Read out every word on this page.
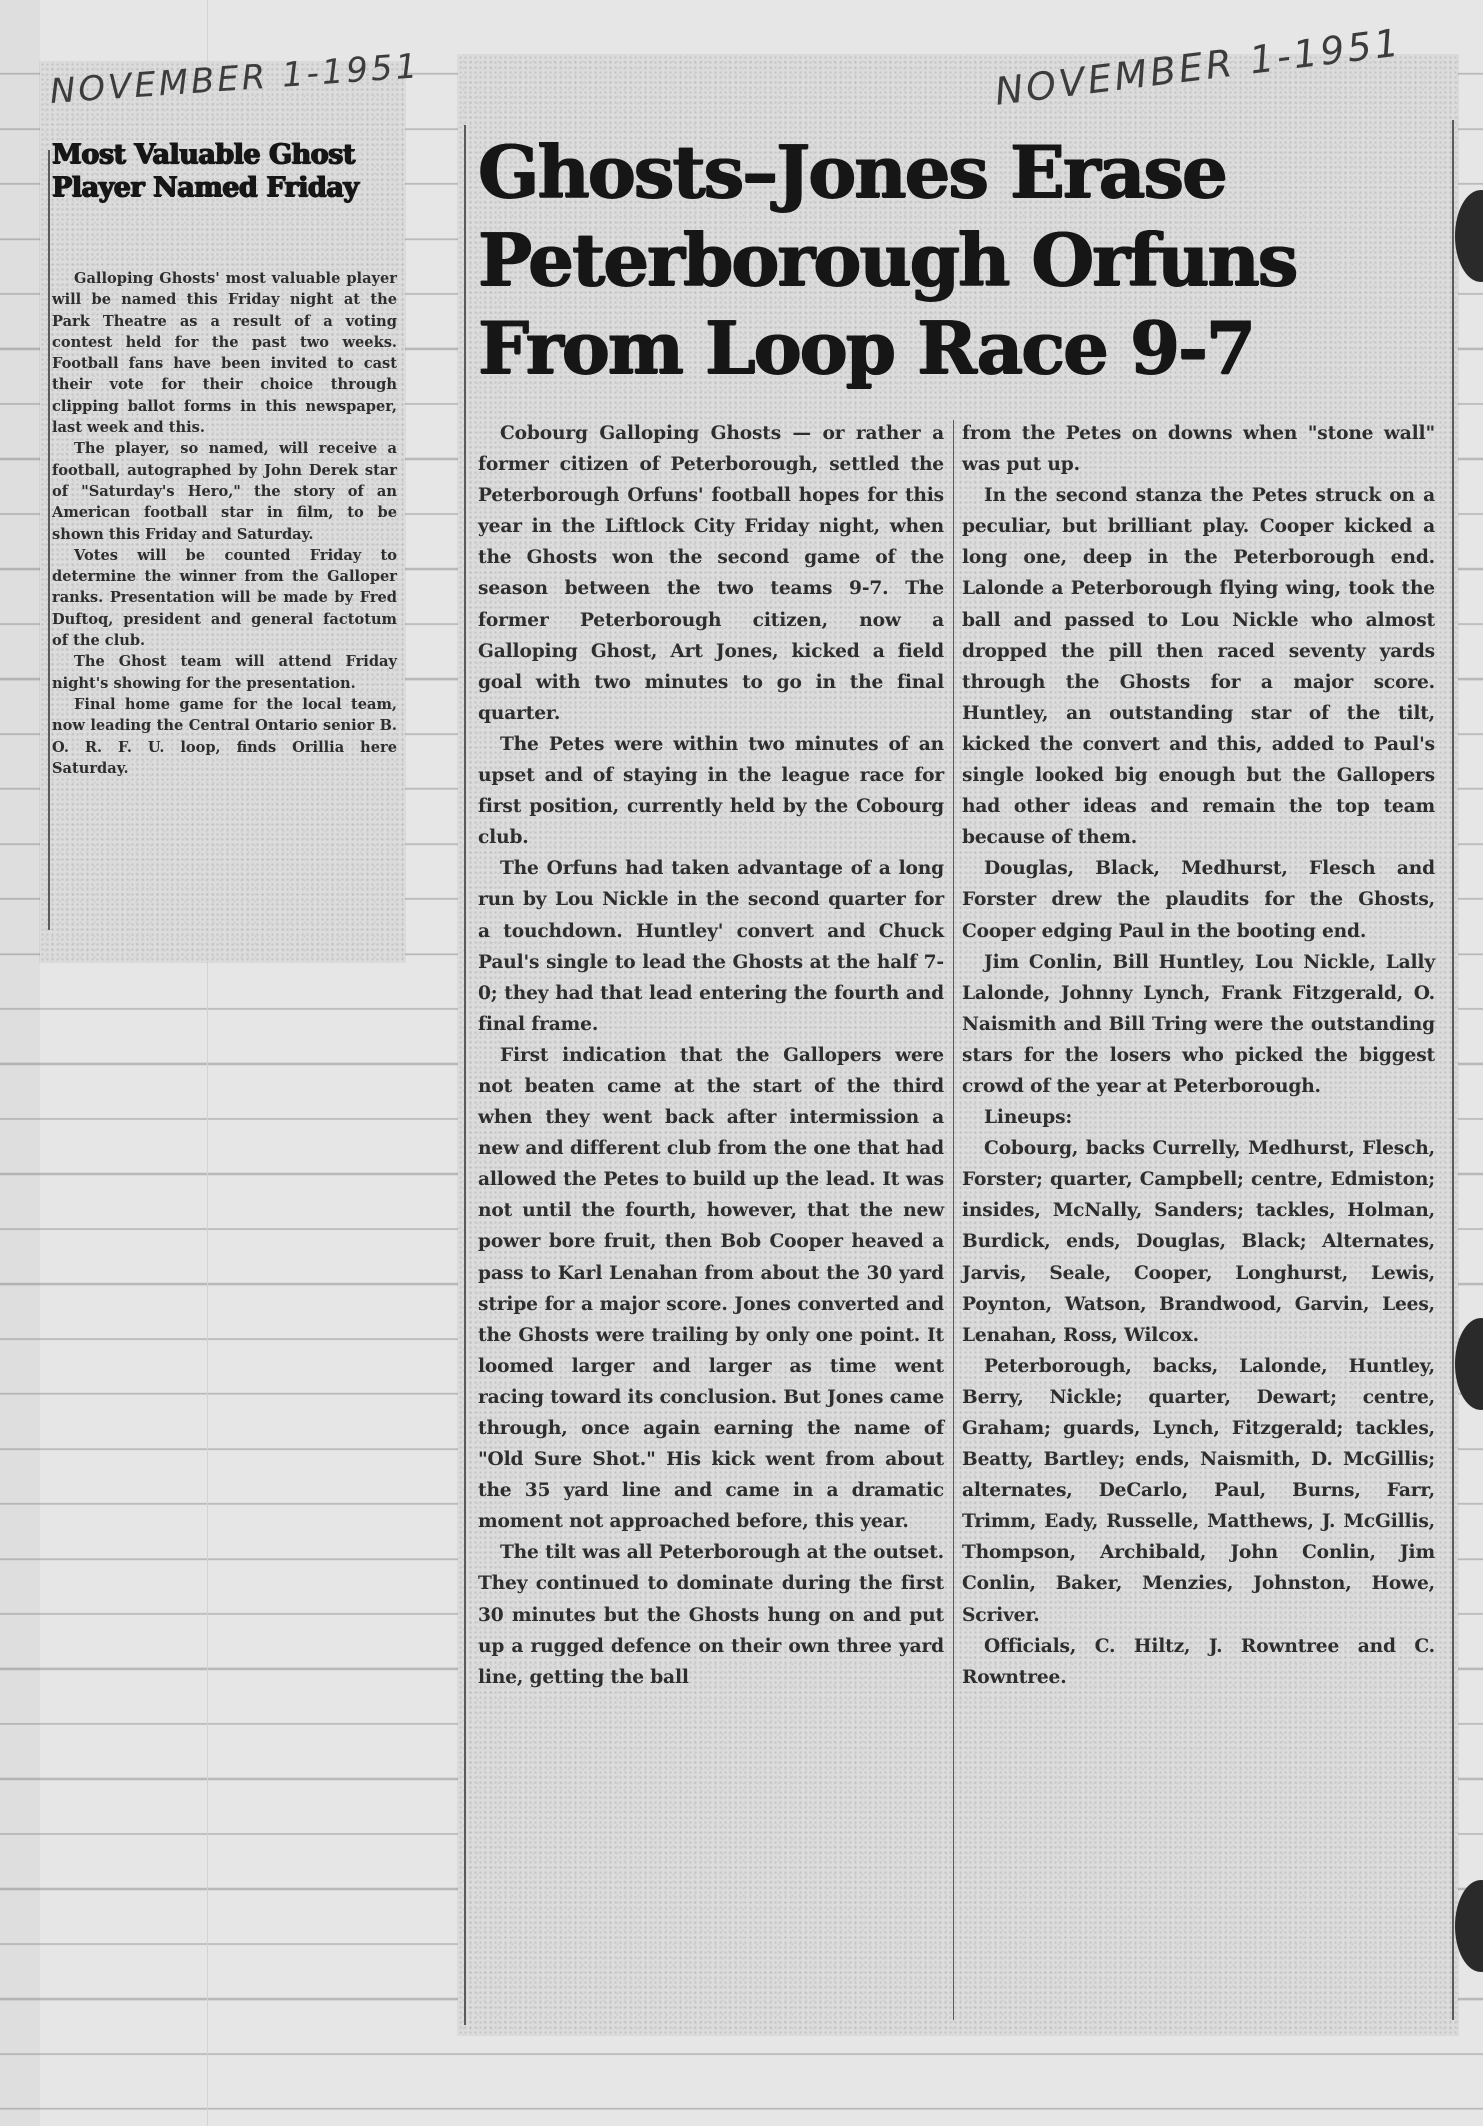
NOVEMBER 1-1951
Most Valuable Ghost Player Named Friday

Galloping Ghosts' most valuable player will be named this Friday night at the Park Theatre as a result of a voting contest held for the past two weeks. Football fans have been invited to cast their vote for their choice through clipping ballot forms in this newspaper, last week and this.

The player, so named, will receive a football, autographed by John Derek star of "Saturday's Hero," the story of an American football star in film, to be shown this Friday and Saturday.

Votes will be counted Friday to determine the winner from the Galloper ranks. Presentation will be made by Fred Duftoq, president and general factotum of the club.

The Ghost team will attend Friday night's showing for the presentation.

Final home game for the local team, now leading the Central Ontario senior B. O. R. F. U. loop, finds Orillia here Saturday.

NOVEMBER 1-1951
Ghosts–Jones Erase Peterborough Orfuns From Loop Race 9-7

Cobourg Galloping Ghosts — or rather a former citizen of Peterborough, settled the Peterborough Orfuns' football hopes for this year in the Liftlock City Friday night, when the Ghosts won the second game of the season between the two teams 9-7. The former Peterborough citizen, now a Galloping Ghost, Art Jones, kicked a field goal with two minutes to go in the final quarter.

The Petes were within two minutes of an upset and of staying in the league race for first position, currently held by the Cobourg club.

The Orfuns had taken advantage of a long run by Lou Nickle in the second quarter for a touchdown. Huntley' convert and Chuck Paul's single to lead the Ghosts at the half 7-0; they had that lead entering the fourth and final frame.

First indication that the Gallopers were not beaten came at the start of the third when they went back after intermission a new and different club from the one that had allowed the Petes to build up the lead. It was not until the fourth, however, that the new power bore fruit, then Bob Cooper heaved a pass to Karl Lenahan from about the 30 yard stripe for a major score. Jones converted and the Ghosts were trailing by only one point. It loomed larger and larger as time went racing toward its conclusion. But Jones came through, once again earning the name of "Old Sure Shot." His kick went from about the 35 yard line and came in a dramatic moment not approached before, this year.

The tilt was all Peterborough at the outset. They continued to dominate during the first 30 minutes but the Ghosts hung on and put up a rugged defence on their own three yard line, getting the ball

from the Petes on downs when "stone wall" was put up.

In the second stanza the Petes struck on a peculiar, but brilliant play. Cooper kicked a long one, deep in the Peterborough end. Lalonde a Peterborough flying wing, took the ball and passed to Lou Nickle who almost dropped the pill then raced seventy yards through the Ghosts for a major score. Huntley, an outstanding star of the tilt, kicked the convert and this, added to Paul's single looked big enough but the Gallopers had other ideas and remain the top team because of them.

Douglas, Black, Medhurst, Flesch and Forster drew the plaudits for the Ghosts, Cooper edging Paul in the booting end.

Jim Conlin, Bill Huntley, Lou Nickle, Lally Lalonde, Johnny Lynch, Frank Fitzgerald, O. Naismith and Bill Tring were the outstanding stars for the losers who picked the biggest crowd of the year at Peterborough.

Lineups:

Cobourg, backs Currelly, Medhurst, Flesch, Forster; quarter, Campbell; centre, Edmiston; insides, McNally, Sanders; tackles, Holman, Burdick, ends, Douglas, Black; Alternates, Jarvis, Seale, Cooper, Longhurst, Lewis, Poynton, Watson, Brandwood, Garvin, Lees, Lenahan, Ross, Wilcox.

Peterborough, backs, Lalonde, Huntley, Berry, Nickle; quarter, Dewart; centre, Graham; guards, Lynch, Fitzgerald; tackles, Beatty, Bartley; ends, Naismith, D. McGillis; alternates, DeCarlo, Paul, Burns, Farr, Trimm, Eady, Russelle, Matthews, J. McGillis, Thompson, Archibald, John Conlin, Jim Conlin, Baker, Menzies, Johnston, Howe, Scriver.

Officials, C. Hiltz, J. Rowntree and C. Rowntree.
